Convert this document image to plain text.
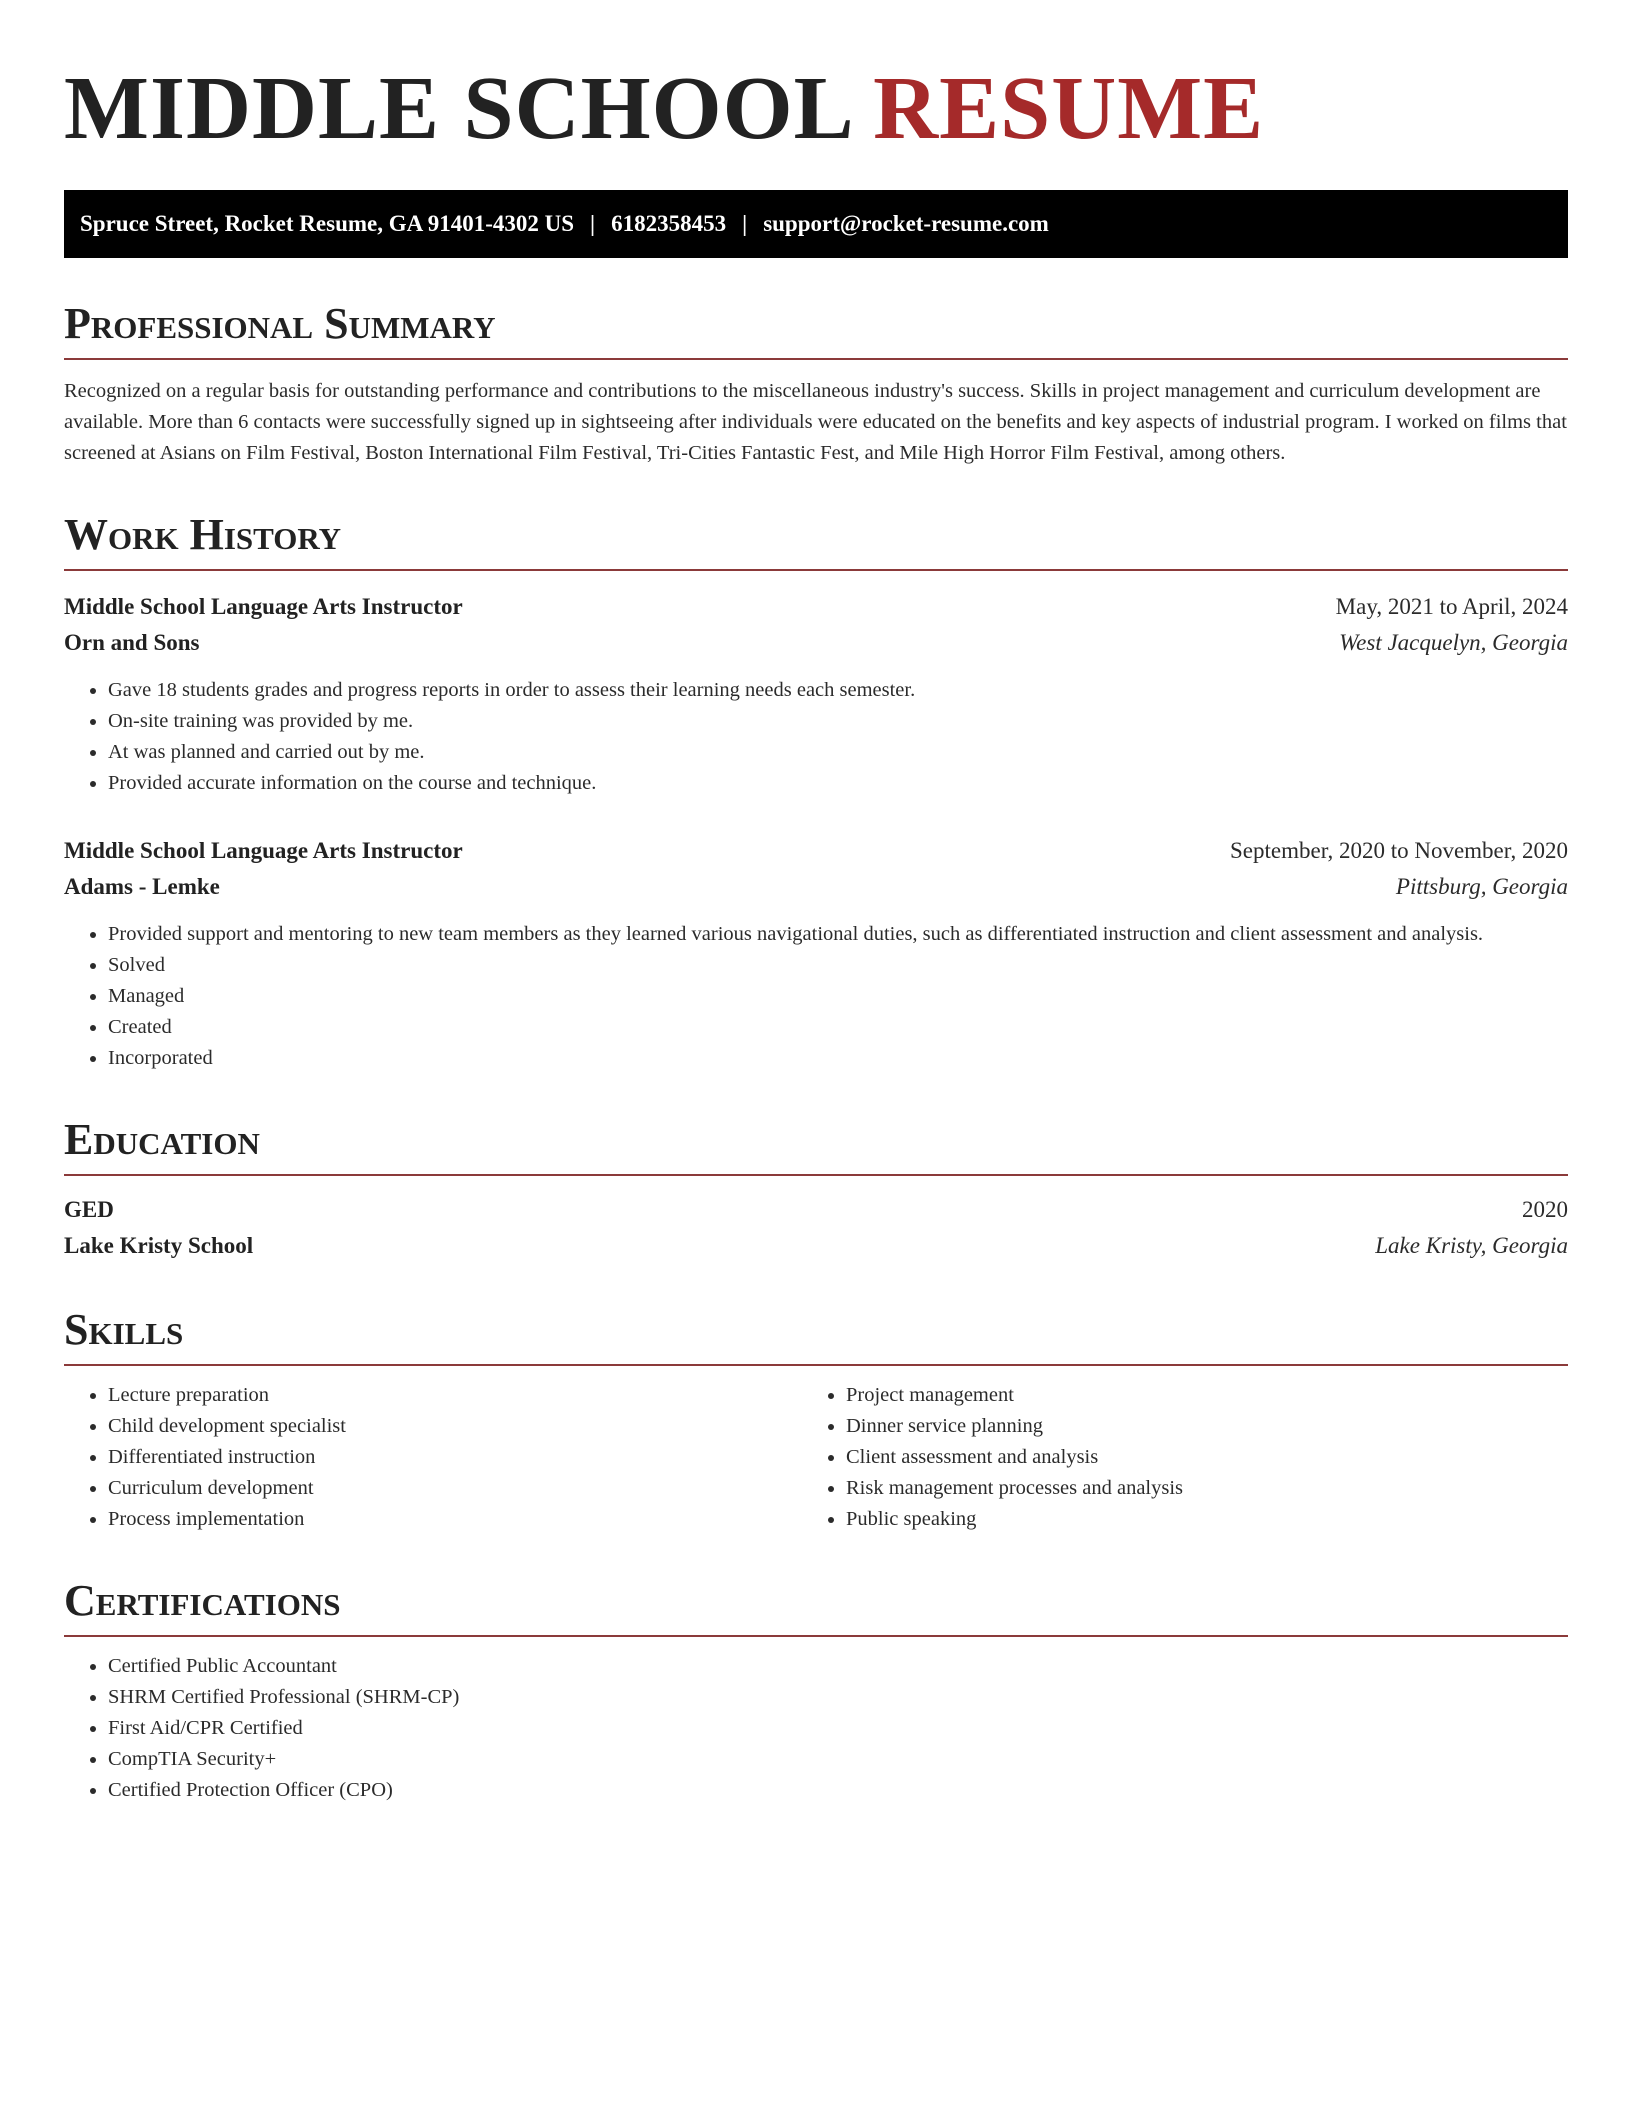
MIDDLE SCHOOL RESUME
Spruce Street, Rocket Resume, GA 91401-4302 US | 6182358453 | support@rocket-resume.com
Professional Summary
Recognized on a regular basis for outstanding performance and contributions to the miscellaneous industry's success. Skills in project management and curriculum development are available. More than 6 contacts were successfully signed up in sightseeing after individuals were educated on the benefits and key aspects of industrial program. I worked on films that screened at Asians on Film Festival, Boston International Film Festival, Tri-Cities Fantastic Fest, and Mile High Horror Film Festival, among others.
Work History
Middle School Language Arts Instructor	May, 2021 to April, 2024
Orn and Sons	West Jacquelyn, Georgia
• Gave 18 students grades and progress reports in order to assess their learning needs each semester.
• On-site training was provided by me.
• At was planned and carried out by me.
• Provided accurate information on the course and technique.
Middle School Language Arts Instructor	September, 2020 to November, 2020
Adams - Lemke	Pittsburg, Georgia
• Provided support and mentoring to new team members as they learned various navigational duties, such as differentiated instruction and client assessment and analysis.
• Solved
• Managed
• Created
• Incorporated
Education
GED	2020
Lake Kristy School	Lake Kristy, Georgia
Skills
• Lecture preparation
• Child development specialist
• Differentiated instruction
• Curriculum development
• Process implementation
• Project management
• Dinner service planning
• Client assessment and analysis
• Risk management processes and analysis
• Public speaking
Certifications
• Certified Public Accountant
• SHRM Certified Professional (SHRM-CP)
• First Aid/CPR Certified
• CompTIA Security+
• Certified Protection Officer (CPO)
